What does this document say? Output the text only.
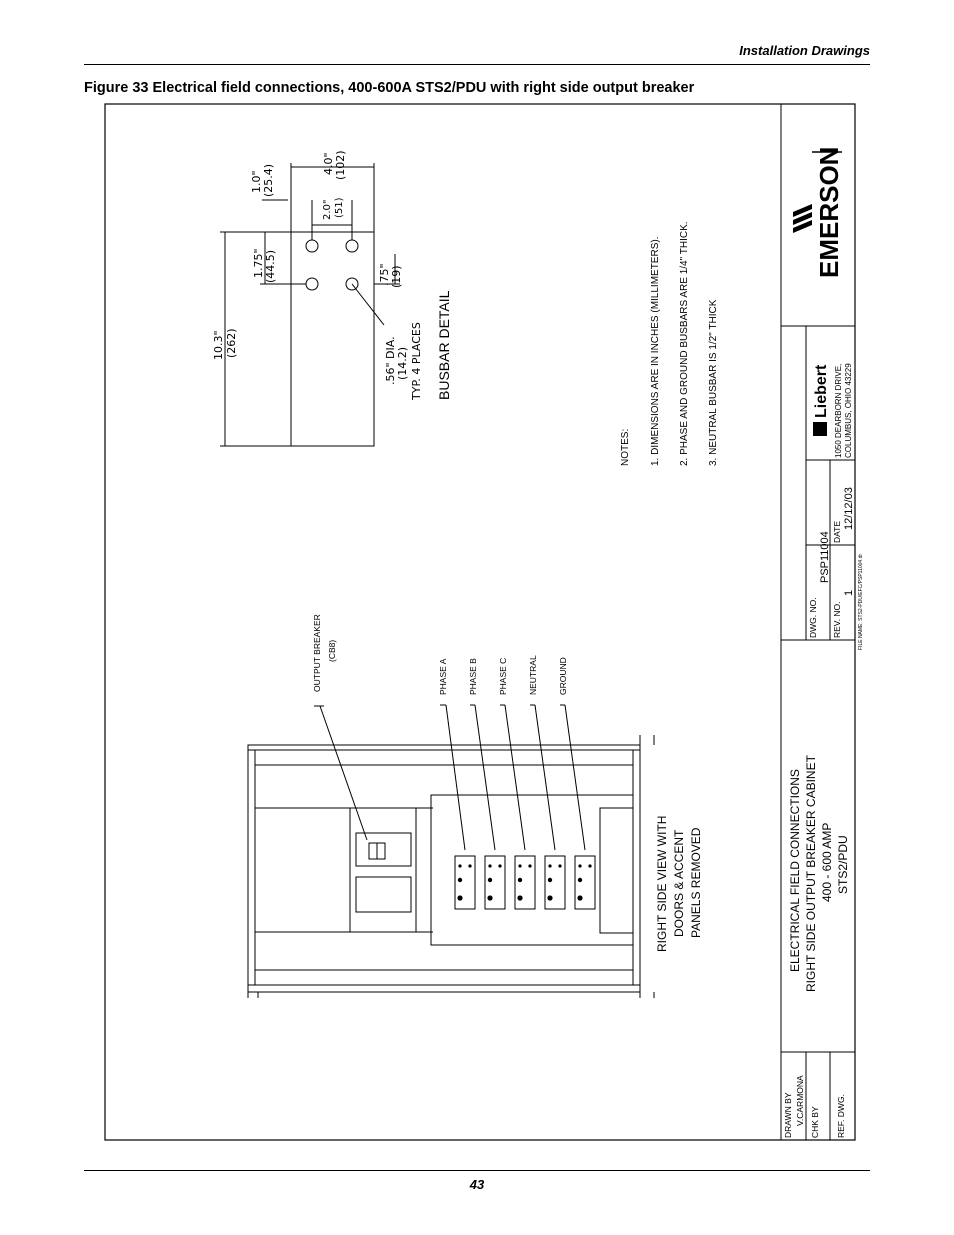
Installation Drawings
Figure 33 Electrical field connections, 400-600A STS2/PDU with right side output breaker
EMERSON
Liebert 1050 DEARBORN DRIVE, COLUMBUS, OHIO 43229
DWG. NO.
PSP11004
REV. NO.
1
DATE
12/12/03
FILE NAME: STS2-PDU/EFC/PSP11004.dr
ELECTRICAL FIELD CONNECTIONS RIGHT SIDE OUTPUT BREAKER CABINET 400 - 600 AMP STS2/PDU
DRAWN BY V.CARMONA CHK BY REF. DWG.
10.3" (262)
1.75" (44.5)
1.0" (25.4)
4.0" (102)
2.0" (51)
.75" (19)
.56" DIA. (14.2) TYP. 4 PLACES BUSBAR DETAIL
NOTES: 1. DIMENSIONS ARE IN INCHES (MILLIMETERS). 2. PHASE AND GROUND BUSBARS ARE 1/4" THICK. 3. NEUTRAL BUSBAR IS 1/2" THICK
OUTPUT BREAKER (CB8)
PHASE A PHASE B PHASE C NEUTRAL GROUND
RIGHT SIDE VIEW WITH DOORS & ACCENT PANELS REMOVED
43
